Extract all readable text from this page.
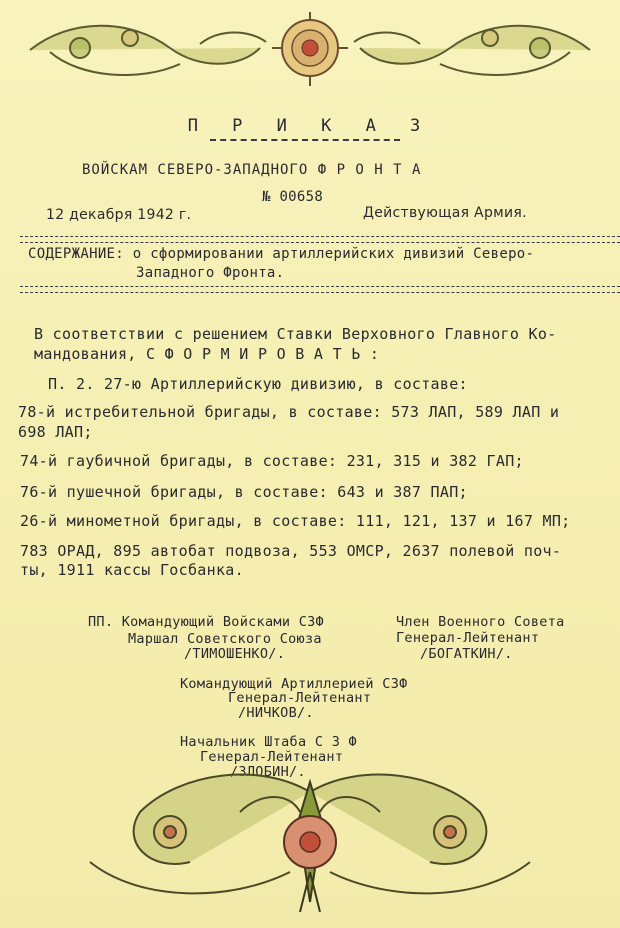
П Р И К А З
ВОЙСКАМ СЕВЕРО-ЗАПАДНОГО Ф Р О Н Т А
№ 00658
12 декабря 1942 г.	Действующая Армия.
СОДЕРЖАНИЕ: о сформировании артиллерийских дивизий Северо-
Западного Фронта.
В соответствии с решением Ставки Верховного Главного Ко-
мандования, С Ф О Р М И Р О В А Т Ь :
П. 2. 27-ю Артиллерийскую дивизию, в составе:
78-й истребительной бригады, в составе: 573 ЛАП, 589 ЛАП и
698 ЛАП;
74-й гаубичной бригады, в составе: 231, 315 и 382 ГАП;
76-й пушечной бригады, в составе: 643 и 387 ПАП;
26-й минометной бригады, в составе: 111, 121, 137 и 167 МП;
783 ОРАД, 895 автобат подвоза, 553 ОМСР, 2637 полевой поч-
ты, 1911 кассы Госбанка.
ПП. Командующий Войсками СЗФ
Маршал Советского Союза
/ТИМОШЕНКО/.
Член Военного Совета
Генерал-Лейтенант
/БОГАТКИН/.
Командующий Артиллерией СЗФ
Генерал-Лейтенант
/НИЧКОВ/.
Начальник Штаба С З Ф
Генерал-Лейтенант
/ЗЛОБИН/.
